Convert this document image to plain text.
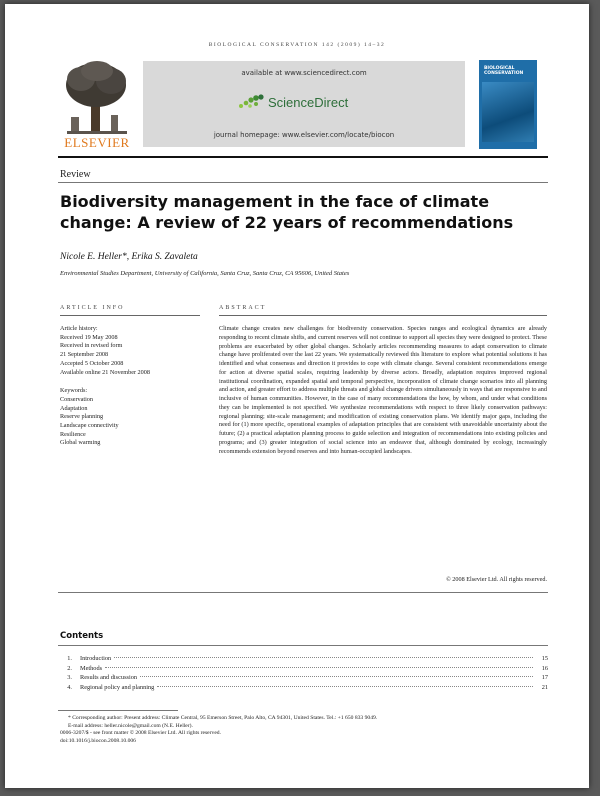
BIOLOGICAL CONSERVATION 142 (2009) 14–32
ELSEVIER
available at www.sciencedirect.com
ScienceDirect
journal homepage: www.elsevier.com/locate/biocon
BIOLOGICAL CONSERVATION
Review
Biodiversity management in the face of climate change: A review of 22 years of recommendations
Nicole E. Heller*, Erika S. Zavaleta
Environmental Studies Department, University of California, Santa Cruz, Santa Cruz, CA 95606, United States
ARTICLE INFO	ABSTRACT
Article history:
Received 19 May 2008
Received in revised form
21 September 2008
Accepted 5 October 2008
Available online 21 November 2008
Keywords:
Conservation
Adaptation
Reserve planning
Landscape connectivity
Resilience
Global warming
Climate change creates new challenges for biodiversity conservation. Species ranges and ecological dynamics are already responding to recent climate shifts, and current reserves will not continue to support all species they were designed to protect. These problems are exacerbated by other global changes. Scholarly articles recommending measures to adapt conservation to climate change have proliferated over the last 22 years. We systematically reviewed this literature to explore what potential solutions it has identified and what consensus and direction it provides to cope with climate change. Several consistent recommendations emerge for action at diverse spatial scales, requiring leadership by diverse actors. Broadly, adaptation requires improved regional institutional coordination, expanded spatial and temporal perspective, incorporation of climate change scenarios into all planning and action, and greater effort to address multiple threats and global change drivers simultaneously in ways that are responsive to and inclusive of human communities. However, in the case of many recommendations the how, by whom, and under what conditions they can be implemented is not specified. We synthesize recommendations with respect to three likely conservation pathways: regional planning; site-scale management; and modification of existing conservation plans. We identify major gaps, including the need for (1) more specific, operational examples of adaptation principles that are consistent with unavoidable uncertainty about the future; (2) a practical adaptation planning process to guide selection and integration of recommendations into existing policies and programs; and (3) greater integration of social science into an endeavor that, although dominated by ecology, increasingly recommends extension beyond reserves and into human-occupied landscapes.
© 2008 Elsevier Ltd. All rights reserved.
Contents
1. Introduction	15
2. Methods	16
3. Results and discussion	17
4. Regional policy and planning	21
* Corresponding author: Present address: Climate Central, 95 Emerson Street, Palo Alto, CA 94301, United States. Tel.: +1 650 833 9049.
E-mail address: heller.nicole@gmail.com (N.E. Heller).
0006-3207/$ - see front matter © 2008 Elsevier Ltd. All rights reserved.
doi:10.1016/j.biocon.2008.10.006
